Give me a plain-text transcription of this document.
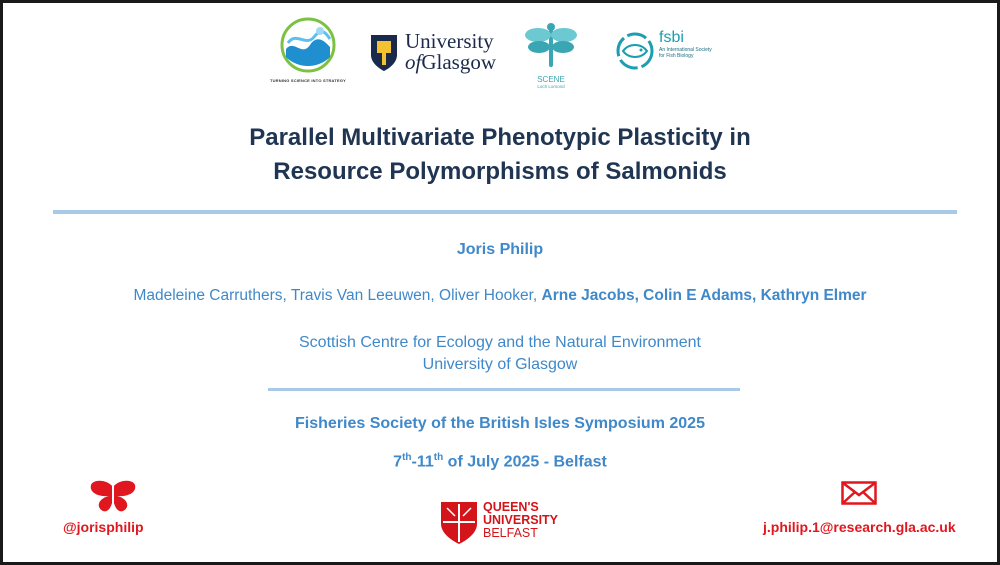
TURNING SCIENCE INTO STRATEGY
University
ofGlasgow
SCENE
Loch Lomond
fsbi
An International Society
for Fish Biology
Parallel Multivariate Phenotypic Plasticity in
Resource Polymorphisms of Salmonids
Joris Philip
Madeleine Carruthers, Travis Van Leeuwen, Oliver Hooker, Arne Jacobs, Colin E Adams, Kathryn Elmer
Scottish Centre for Ecology and the Natural Environment
University of Glasgow
Fisheries Society of the British Isles Symposium 2025
7th-11th of July 2025 - Belfast
@jorisphilip
QUEEN'S
UNIVERSITY
BELFAST	j.philip.1@research.gla.ac.uk
